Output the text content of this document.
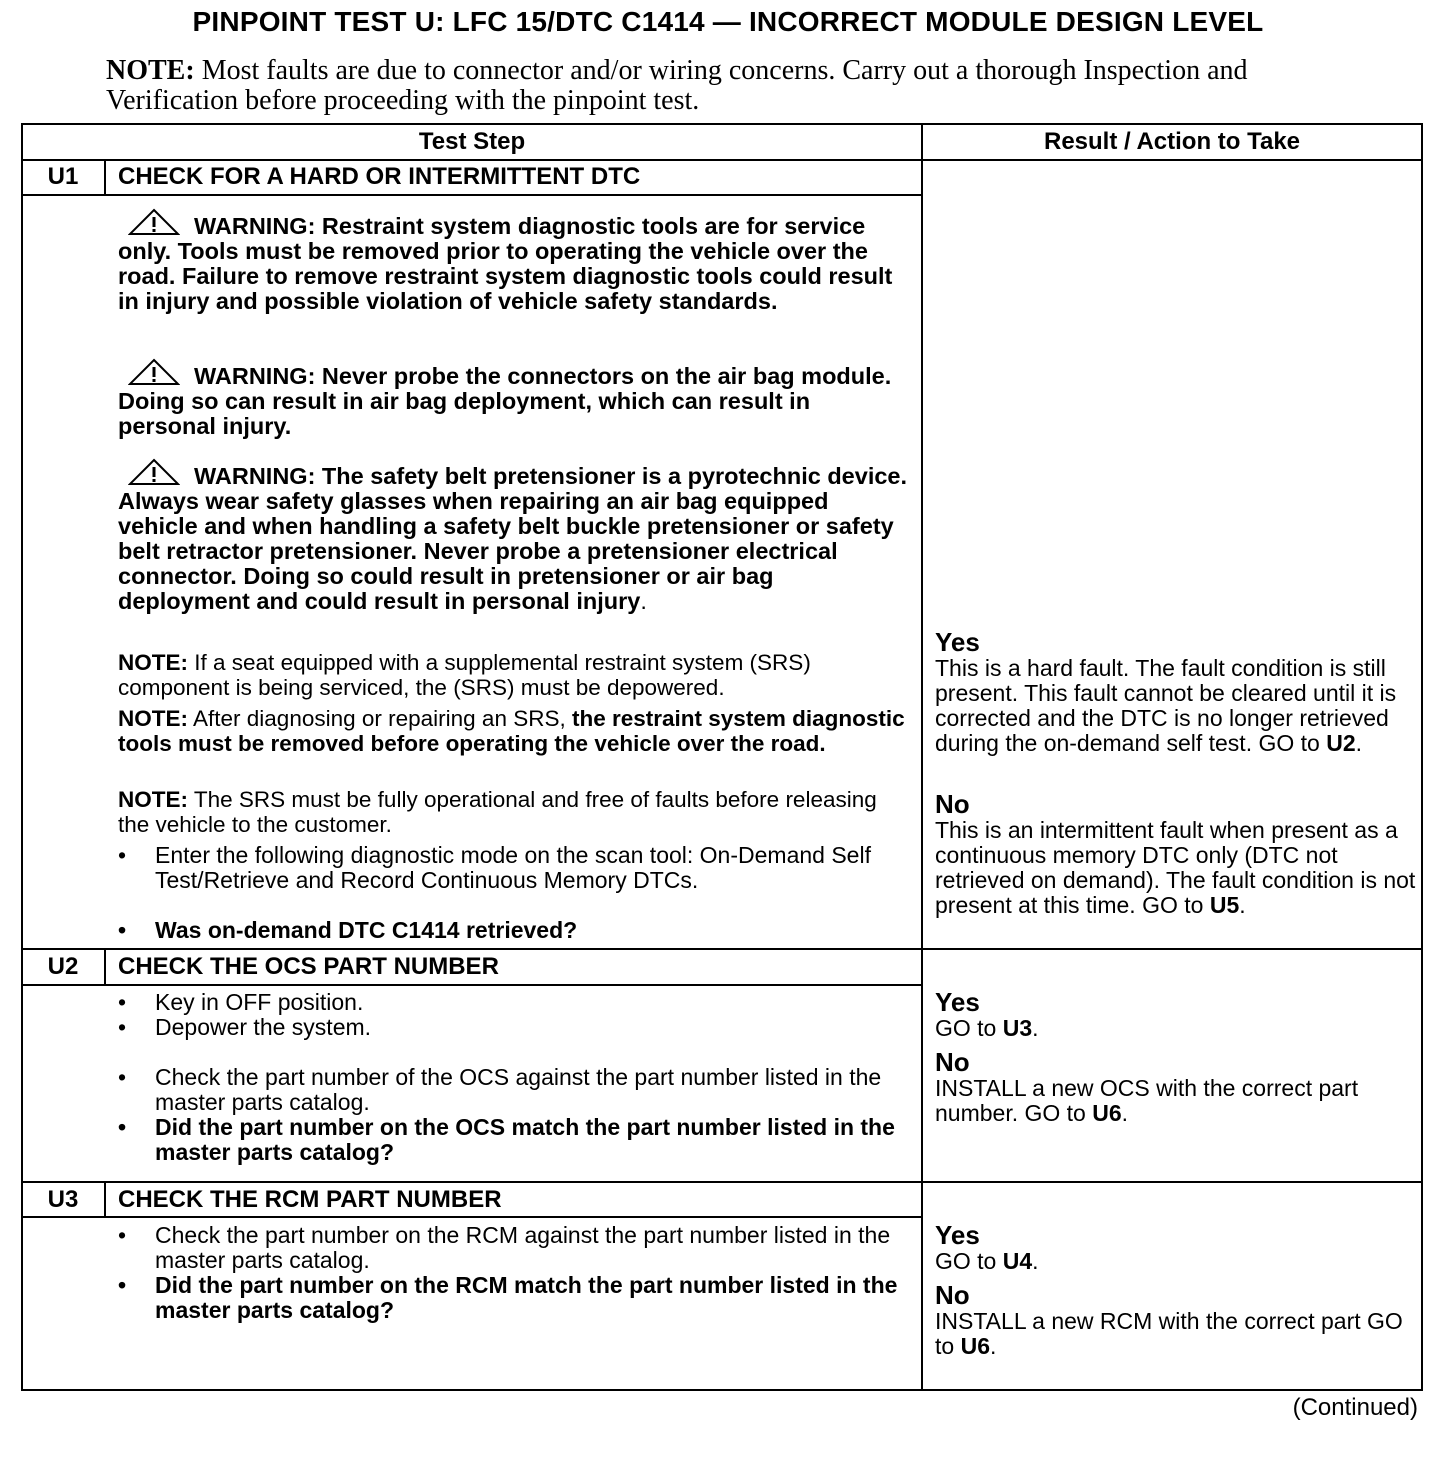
PINPOINT TEST U: LFC 15/DTC C1414 — INCORRECT MODULE DESIGN LEVEL
NOTE: Most faults are due to connector and/or wiring concerns. Carry out a thorough Inspection and Verification before proceeding with the pinpoint test.
Test Step	Result / Action to Take
U1	CHECK FOR A HARD OR INTERMITTENT DTC
WARNING: Restraint system diagnostic tools are for service only. Tools must be removed prior to operating the vehicle over the road. Failure to remove restraint system diagnostic tools could result in injury and possible violation of vehicle safety standards.
WARNING: Never probe the connectors on the air bag module. Doing so can result in air bag deployment, which can result in personal injury.
WARNING: The safety belt pretensioner is a pyrotechnic device. Always wear safety glasses when repairing an air bag equipped vehicle and when handling a safety belt buckle pretensioner or safety belt retractor pretensioner. Never probe a pretensioner electrical connector. Doing so could result in pretensioner or air bag deployment and could result in personal injury.
NOTE: If a seat equipped with a supplemental restraint system (SRS) component is being serviced, the (SRS) must be depowered.
NOTE: After diagnosing or repairing an SRS, the restraint system diagnostic tools must be removed before operating the vehicle over the road.
NOTE: The SRS must be fully operational and free of faults before releasing the vehicle to the customer.
• Enter the following diagnostic mode on the scan tool: On-Demand Self Test/Retrieve and Record Continuous Memory DTCs.
• Was on-demand DTC C1414 retrieved?
Yes
This is a hard fault. The fault condition is still present. This fault cannot be cleared until it is corrected and the DTC is no longer retrieved during the on-demand self test. GO to U2.
No
This is an intermittent fault when present as a continuous memory DTC only (DTC not retrieved on demand). The fault condition is not present at this time. GO to U5.
U2	CHECK THE OCS PART NUMBER
• Key in OFF position.
• Depower the system.
• Check the part number of the OCS against the part number listed in the master parts catalog.
• Did the part number on the OCS match the part number listed in the master parts catalog?
Yes
GO to U3.
No
INSTALL a new OCS with the correct part number. GO to U6.
U3	CHECK THE RCM PART NUMBER
• Check the part number on the RCM against the part number listed in the master parts catalog.
• Did the part number on the RCM match the part number listed in the master parts catalog?
Yes
GO to U4.
No
INSTALL a new RCM with the correct part GO to U6.
(Continued)
